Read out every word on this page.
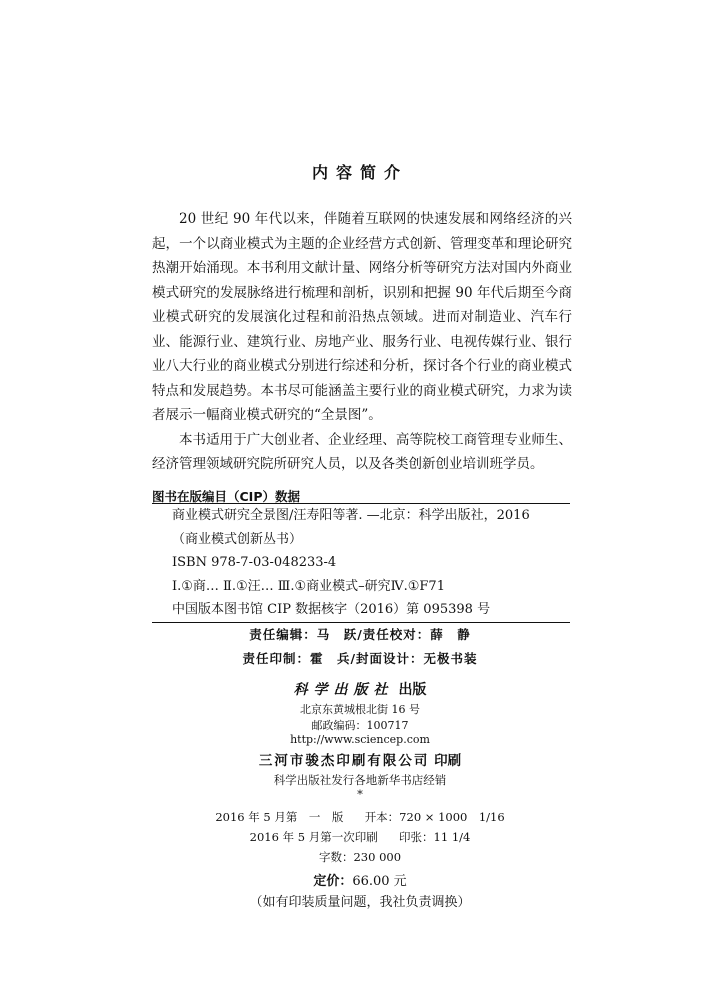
内容简介

20 世纪 90 年代以来，伴随着互联网的快速发展和网络经济的兴起，一个以商业模式为主题的企业经营方式创新、管理变革和理论研究热潮开始涌现。本书利用文献计量、网络分析等研究方法对国内外商业模式研究的发展脉络进行梳理和剖析，识别和把握 90 年代后期至今商业模式研究的发展演化过程和前沿热点领域。进而对制造业、汽车行业、能源行业、建筑行业、房地产业、服务行业、电视传媒行业、银行业八大行业的商业模式分别进行综述和分析，探讨各个行业的商业模式特点和发展趋势。本书尽可能涵盖主要行业的商业模式研究，力求为读者展示一幅商业模式研究的“全景图”。

本书适用于广大创业者、企业经理、高等院校工商管理专业师生、经济管理领域研究院所研究人员，以及各类创新创业培训班学员。

图书在版编目（CIP）数据
商业模式研究全景图/汪寿阳等著. —北京：科学出版社，2016
（商业模式创新丛书）
ISBN 978-7-03-048233-4
Ⅰ.①商… Ⅱ.①汪… Ⅲ.①商业模式–研究Ⅳ.①F71
中国版本图书馆 CIP 数据核字（2016）第 095398 号
责任编辑：马　跃/责任校对：薛　静
责任印制：霍　兵/封面设计：无极书装
科学出版社 出版
北京东黄城根北街 16 号
邮政编码：100717
http://www.sciencep.com
三河市骏杰印刷有限公司 印刷
科学出版社发行各地新华书店经销
*
2016 年 5 月第　一　版 开本：720 × 1000　1/16
2016 年 5 月第一次印刷 印张：11 1/4
字数：230 000
定价：66.00 元
（如有印装质量问题，我社负责调换）
